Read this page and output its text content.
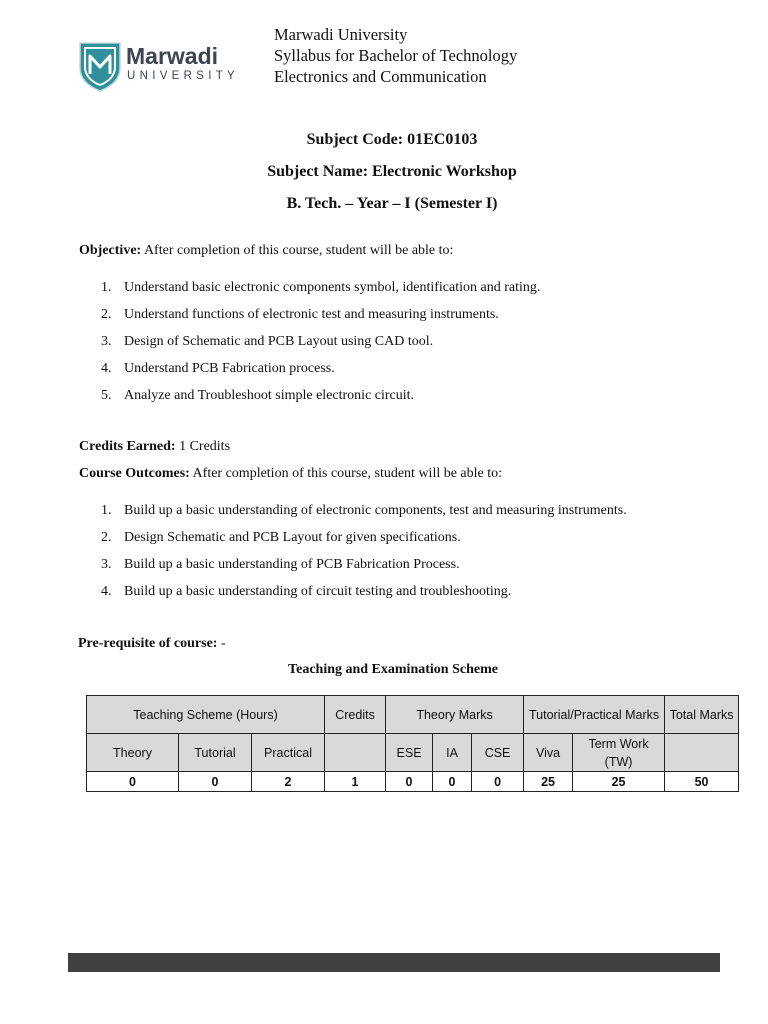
Marwadi
UNIVERSITY
Marwadi University
Syllabus for Bachelor of Technology
Electronics and Communication
Subject Code: 01EC0103
Subject Name: Electronic Workshop
B. Tech. – Year – I (Semester I)
Objective: After completion of this course, student will be able to:
1. Understand basic electronic components symbol, identification and rating.
2. Understand functions of electronic test and measuring instruments.
3. Design of Schematic and PCB Layout using CAD tool.
4. Understand PCB Fabrication process.
5. Analyze and Troubleshoot simple electronic circuit.
Credits Earned: 1 Credits
Course Outcomes: After completion of this course, student will be able to:
1. Build up a basic understanding of electronic components, test and measuring instruments.
2. Design Schematic and PCB Layout for given specifications.
3. Build up a basic understanding of PCB Fabrication Process.
4. Build up a basic understanding of circuit testing and troubleshooting.
Pre-requisite of course: -
Teaching and Examination Scheme
Teaching Scheme (Hours)			Credits	Theory Marks			Tutorial/Practical Marks		Total Marks
Theory	Tutorial	Practical		ESE	IA	CSE	Viva	Term Work (TW)	
0	0	2	1	0	0	0	25	25	50
